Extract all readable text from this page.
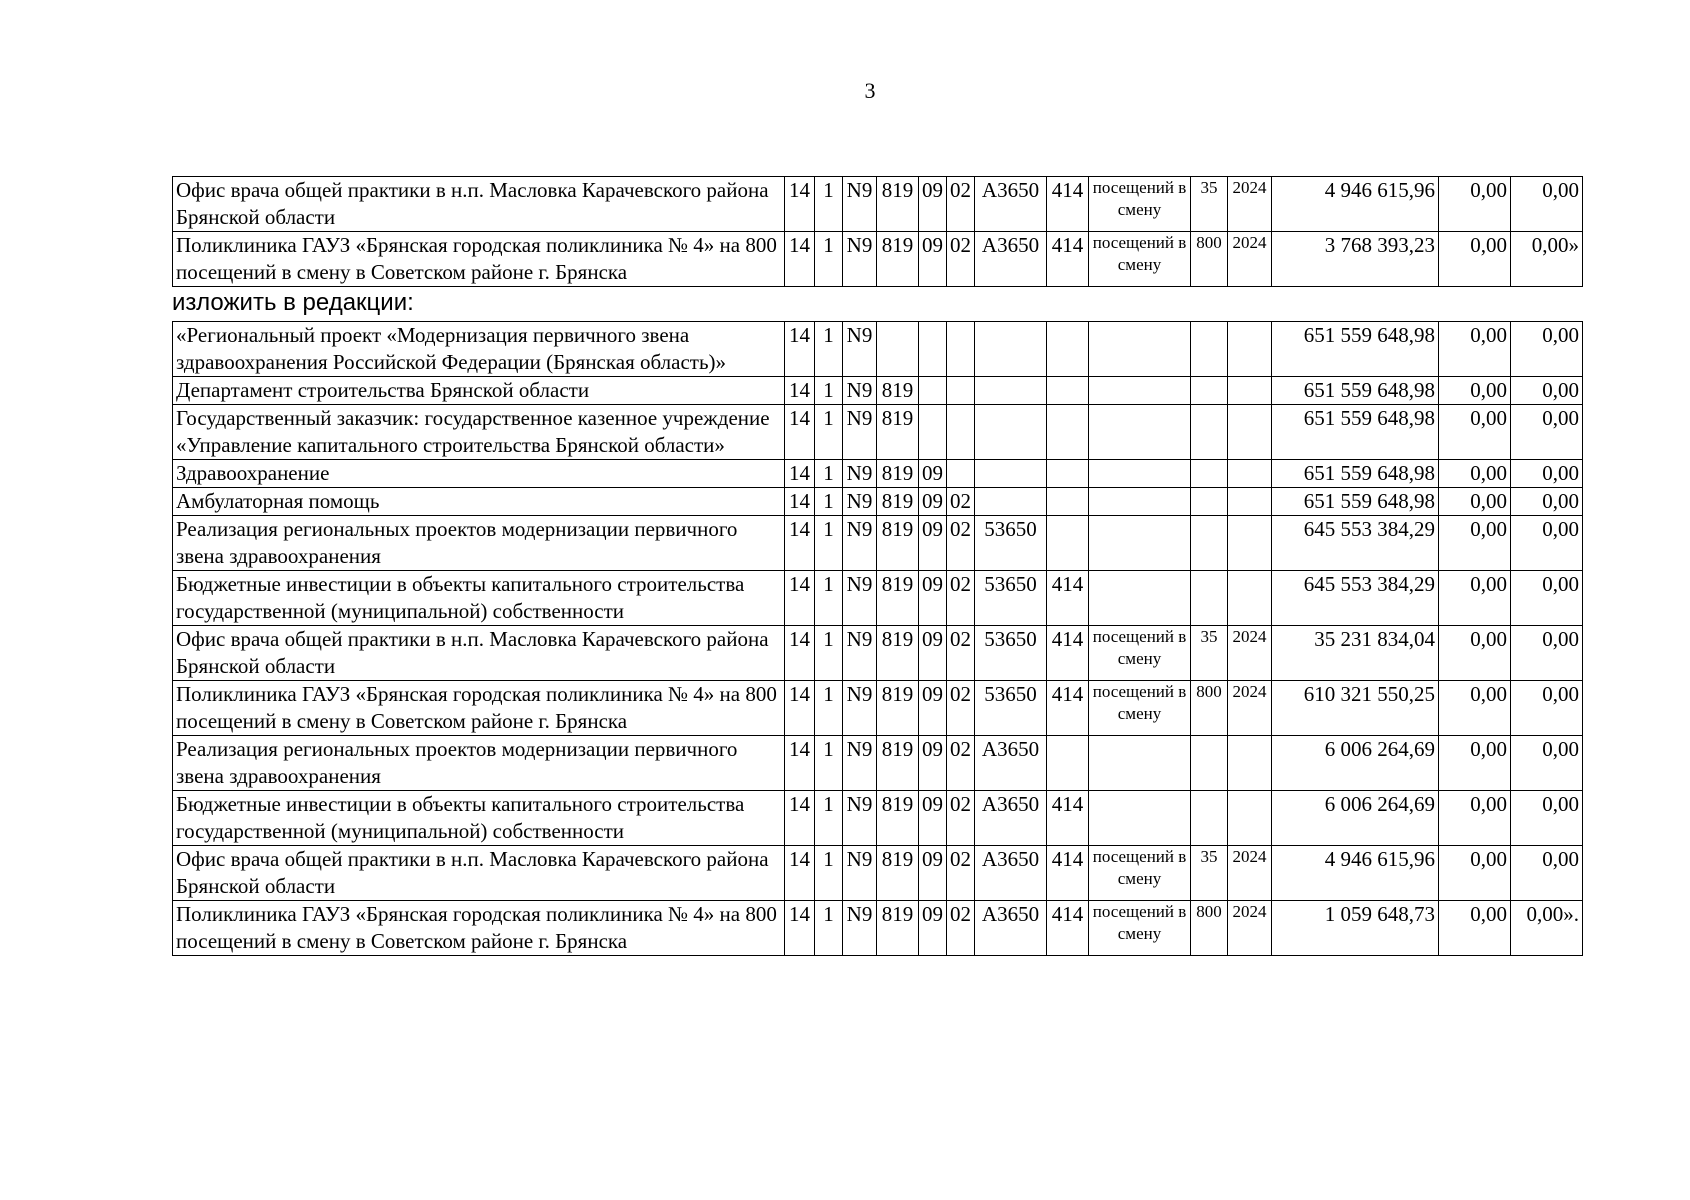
3
Офис врача общей практики в н.п. Масловка Карачевского района Брянской области	14	1	N9	819	09	02	А3650	414	посещений в смену	35	2024	4 946 615,96	0,00	0,00
Поликлиника ГАУЗ «Брянская городская поликлиника № 4» на 800 посещений в смену в Советском районе г. Брянска	14	1	N9	819	09	02	А3650	414	посещений в смену	800	2024	3 768 393,23	0,00	0,00»
изложить в редакции:
«Региональный проект «Модернизация первичного звена здравоохранения Российской Федерации (Брянская область)»	14	1	N9									651 559 648,98	0,00	0,00
Департамент строительства Брянской области	14	1	N9	819								651 559 648,98	0,00	0,00
Государственный заказчик: государственное казенное учреждение «Управление капитального строительства Брянской области»	14	1	N9	819								651 559 648,98	0,00	0,00
Здравоохранение	14	1	N9	819	09							651 559 648,98	0,00	0,00
Амбулаторная помощь	14	1	N9	819	09	02						651 559 648,98	0,00	0,00
Реализация региональных проектов модернизации первичного звена здравоохранения	14	1	N9	819	09	02	53650					645 553 384,29	0,00	0,00
Бюджетные инвестиции в объекты капитального строительства государственной (муниципальной) собственности	14	1	N9	819	09	02	53650	414				645 553 384,29	0,00	0,00
Офис врача общей практики в н.п. Масловка Карачевского района Брянской области	14	1	N9	819	09	02	53650	414	посещений в смену	35	2024	35 231 834,04	0,00	0,00
Поликлиника ГАУЗ «Брянская городская поликлиника № 4» на 800 посещений в смену в Советском районе г. Брянска	14	1	N9	819	09	02	53650	414	посещений в смену	800	2024	610 321 550,25	0,00	0,00
Реализация региональных проектов модернизации первичного звена здравоохранения	14	1	N9	819	09	02	А3650					6 006 264,69	0,00	0,00
Бюджетные инвестиции в объекты капитального строительства государственной (муниципальной) собственности	14	1	N9	819	09	02	А3650	414				6 006 264,69	0,00	0,00
Офис врача общей практики в н.п. Масловка Карачевского района Брянской области	14	1	N9	819	09	02	А3650	414	посещений в смену	35	2024	4 946 615,96	0,00	0,00
Поликлиника ГАУЗ «Брянская городская поликлиника № 4» на 800 посещений в смену в Советском районе г. Брянска	14	1	N9	819	09	02	А3650	414	посещений в смену	800	2024	1 059 648,73	0,00	0,00».
